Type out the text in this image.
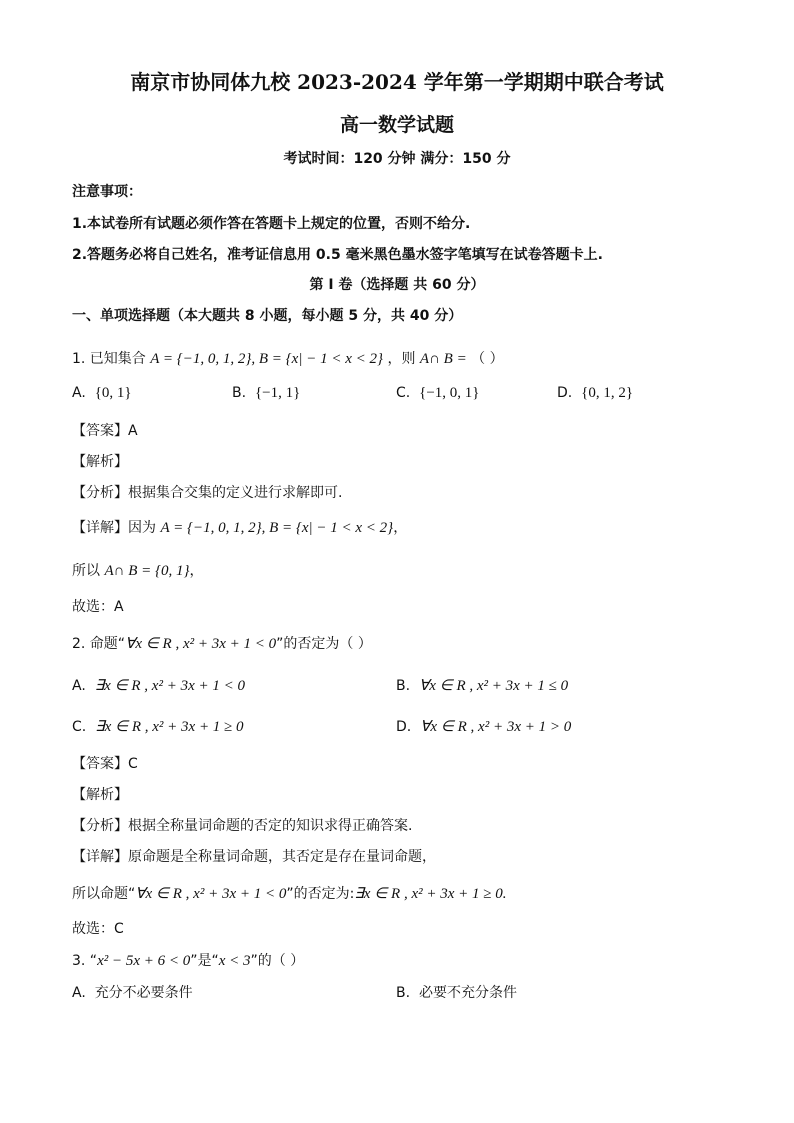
南京市协同体九校 2023-2024 学年第一学期期中联合考试
高一数学试题
考试时间：120 分钟 满分：150 分
注意事项：
1.本试卷所有试题必须作答在答题卡上规定的位置，否则不给分.
2.答题务必将自己姓名，准考证信息用 0.5 毫米黑色墨水签字笔填写在试卷答题卡上.
第 I 卷（选择题 共 60 分）
一、单项选择题（本大题共 8 小题，每小题 5 分，共 40 分）
1. 已知集合 A = {−1, 0, 1, 2}, B = {x| − 1 < x < 2} ，则 A∩ B = （ ）
A. {0, 1}	B. {−1, 1}	C. {−1, 0, 1}	D. {0, 1, 2}
【答案】A
【解析】
【分析】根据集合交集的定义进行求解即可.
【详解】因为 A = {−1, 0, 1, 2}, B = {x| − 1 < x < 2}，
所以 A∩ B = {0, 1}，
故选：A
2. 命题“∀x ∈ R , x² + 3x + 1 < 0”的否定为（ ）
A. ∃x ∈ R , x² + 3x + 1 < 0	B. ∀x ∈ R , x² + 3x + 1 ≤ 0
C. ∃x ∈ R , x² + 3x + 1 ≥ 0	D. ∀x ∈ R , x² + 3x + 1 > 0
【答案】C
【解析】
【分析】根据全称量词命题的否定的知识求得正确答案.
【详解】原命题是全称量词命题，其否定是存在量词命题，
所以命题“∀x ∈ R , x² + 3x + 1 < 0”的否定为:∃x ∈ R , x² + 3x + 1 ≥ 0.
故选：C
3. “x² − 5x + 6 < 0”是“x < 3”的（ ）
A. 充分不必要条件	B. 必要不充分条件
